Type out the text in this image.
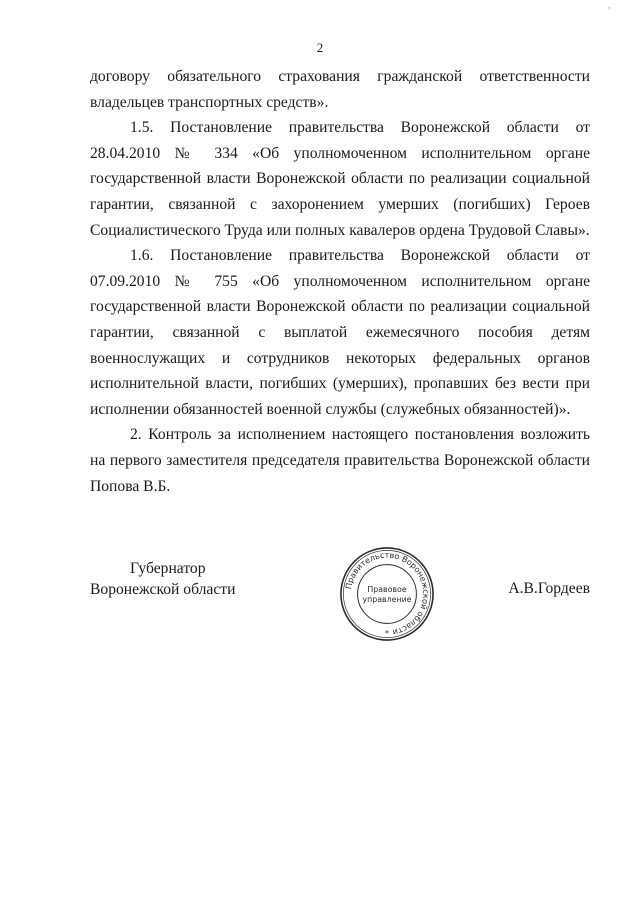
'
2

договору обязательного страхования гражданской ответственности

владельцев транспортных средств».

1.5. Постановление правительства Воронежской области от 28.04.2010 № 334 «Об уполномоченном исполнительном органе государственной власти Воронежской области по реализации социальной гарантии, связанной с захоронением умерших (погибших) Героев Социалистического Труда или полных кавалеров ордена Трудовой Славы».

1.6. Постановление правительства Воронежской области от 07.09.2010 № 755 «Об уполномоченном исполнительном органе государственной власти Воронежской области по реализации социальной гарантии, связанной с выплатой ежемесячного пособия детям военнослужащих и сотрудников некоторых федеральных органов исполнительной власти, погибших (умерших), пропавших без вести при исполнении обязанностей военной службы (служебных обязанностей)».

2. Контроль за исполнением настоящего постановления возложить на первого заместителя председателя правительства Воронежской области Попова В.Б.

Губернатор
Воронежской области	А.В.Гордеев
Правительство Воронежской области
Правовое
управление
*
